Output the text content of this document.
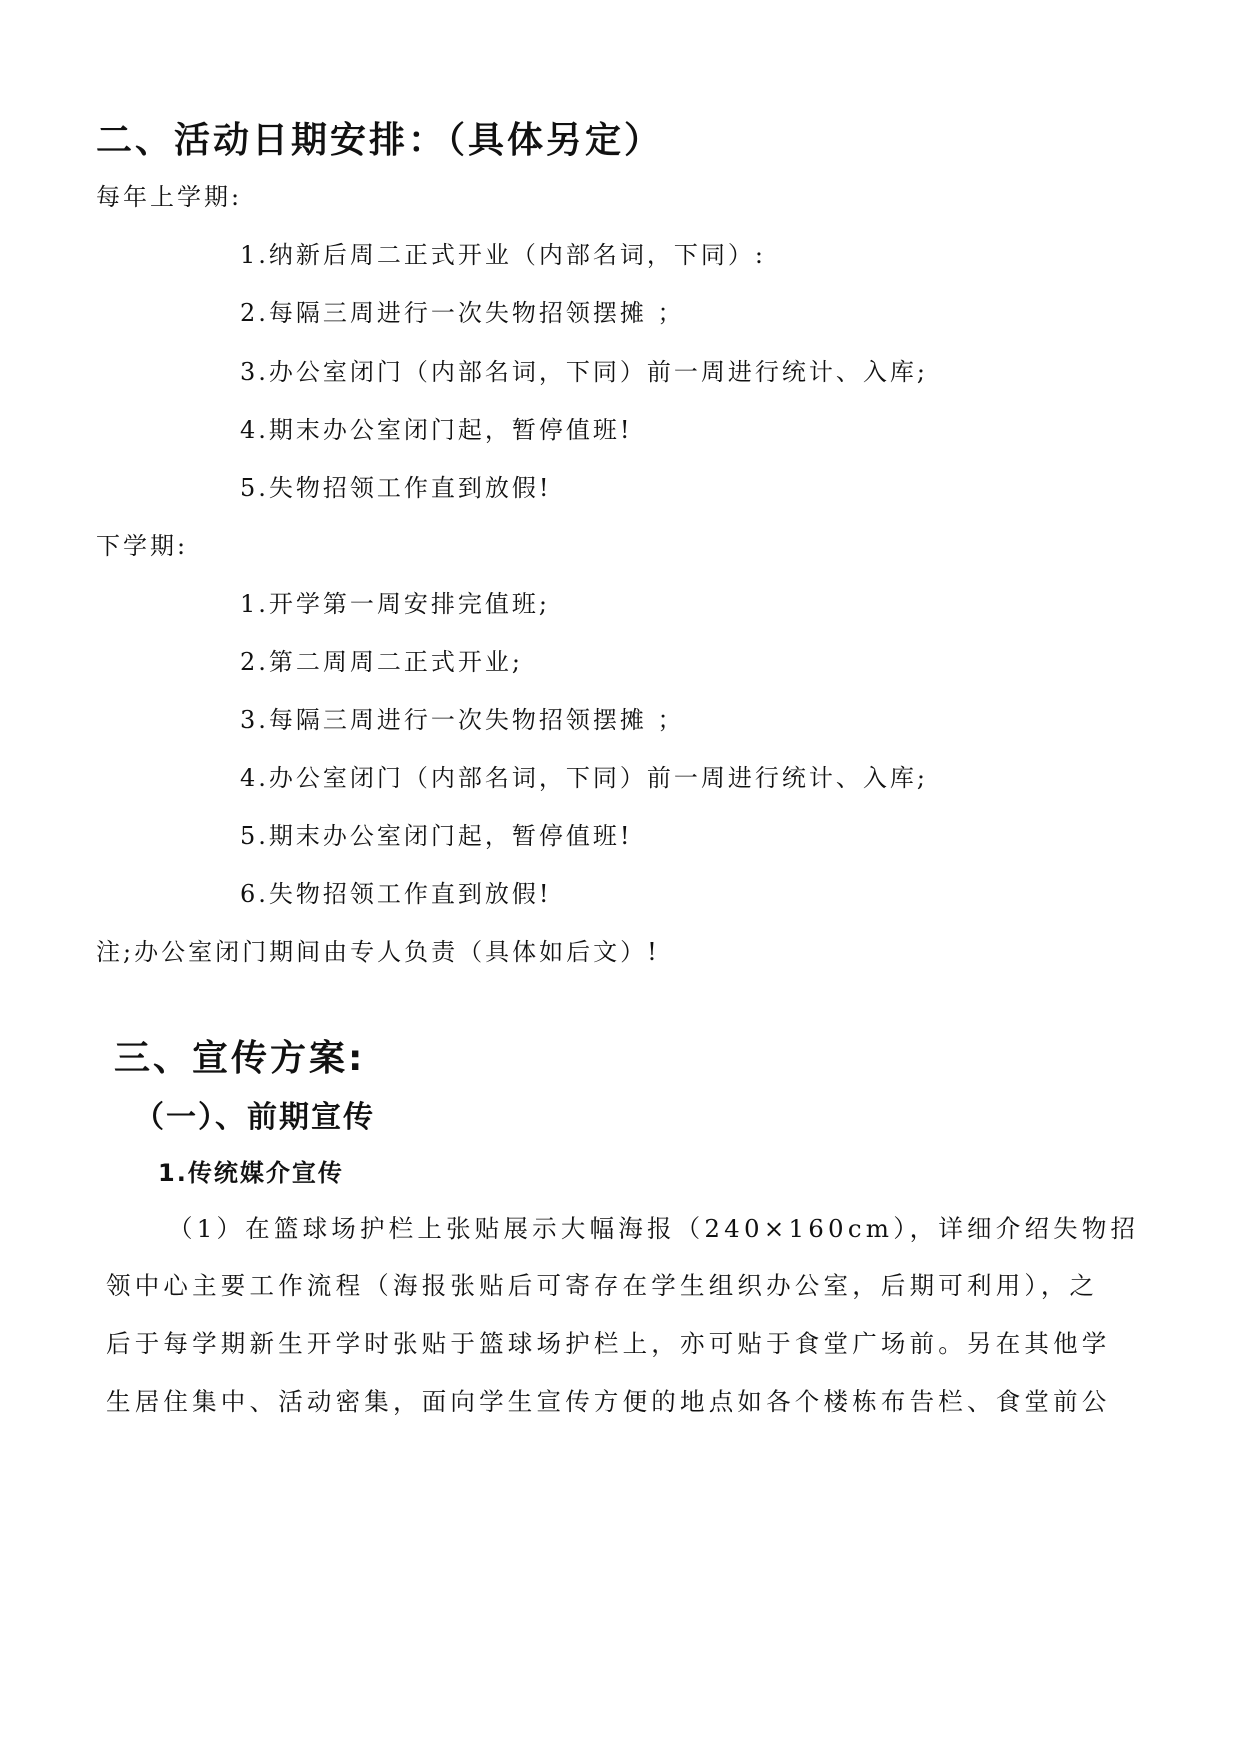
二、活动日期安排：（具体另定）
每年上学期:
1.纳新后周二正式开业（内部名词，下同）:
2.每隔三周进行一次失物招领摆摊 ；
3.办公室闭门（内部名词，下同）前一周进行统计、入库;
4.期末办公室闭门起，暂停值班!
5.失物招领工作直到放假!
下学期:
1.开学第一周安排完值班;
2.第二周周二正式开业;
3.每隔三周进行一次失物招领摆摊 ；
4.办公室闭门（内部名词，下同）前一周进行统计、入库;
5.期末办公室闭门起，暂停值班!
6.失物招领工作直到放假!
注;办公室闭门期间由专人负责（具体如后文）!
三、宣传方案:
（一）、前期宣传
1.传统媒介宣传
（1）在篮球场护栏上张贴展示大幅海报（240×160cm），详细介绍失物招
领中心主要工作流程（海报张贴后可寄存在学生组织办公室，后期可利用），之
后于每学期新生开学时张贴于篮球场护栏上，亦可贴于食堂广场前。另在其他学
生居住集中、活动密集，面向学生宣传方便的地点如各个楼栋布告栏、食堂前公
